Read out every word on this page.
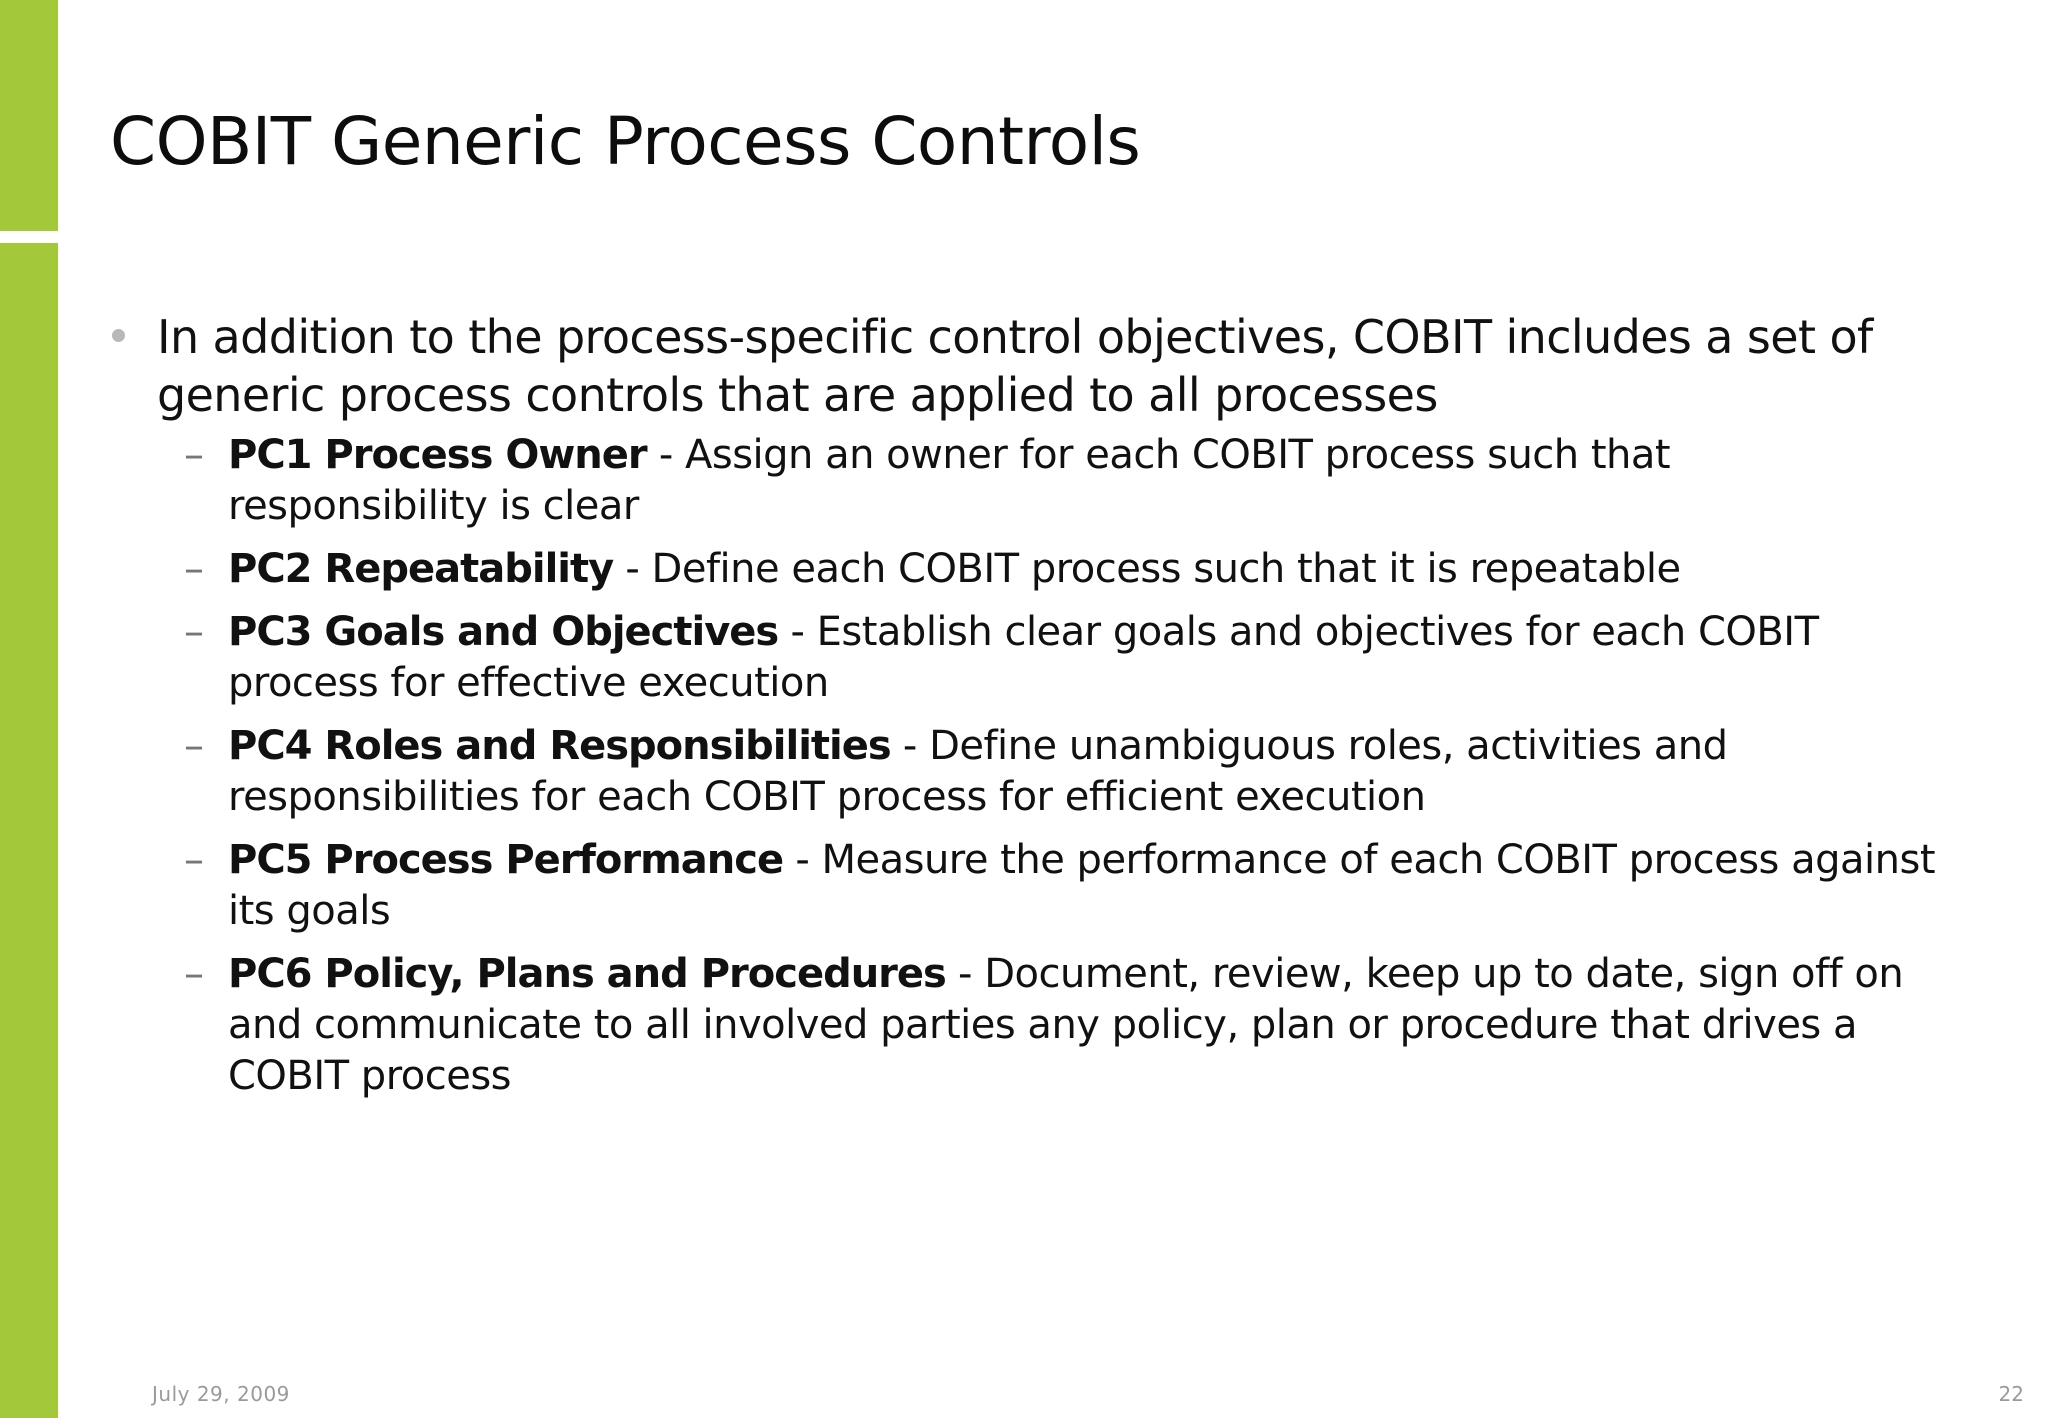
COBIT Generic Process Controls
In addition to the process-specific control objectives, COBIT includes a set of generic process controls that are applied to all processes
– PC1 Process Owner - Assign an owner for each COBIT process such that responsibility is clear
– PC2 Repeatability - Define each COBIT process such that it is repeatable
– PC3 Goals and Objectives - Establish clear goals and objectives for each COBIT process for effective execution
– PC4 Roles and Responsibilities - Define unambiguous roles, activities and responsibilities for each COBIT process for efficient execution
– PC5 Process Performance - Measure the performance of each COBIT process against its goals
– PC6 Policy, Plans and Procedures - Document, review, keep up to date, sign off on and communicate to all involved parties any policy, plan or procedure that drives a COBIT process
July 29, 2009	22
